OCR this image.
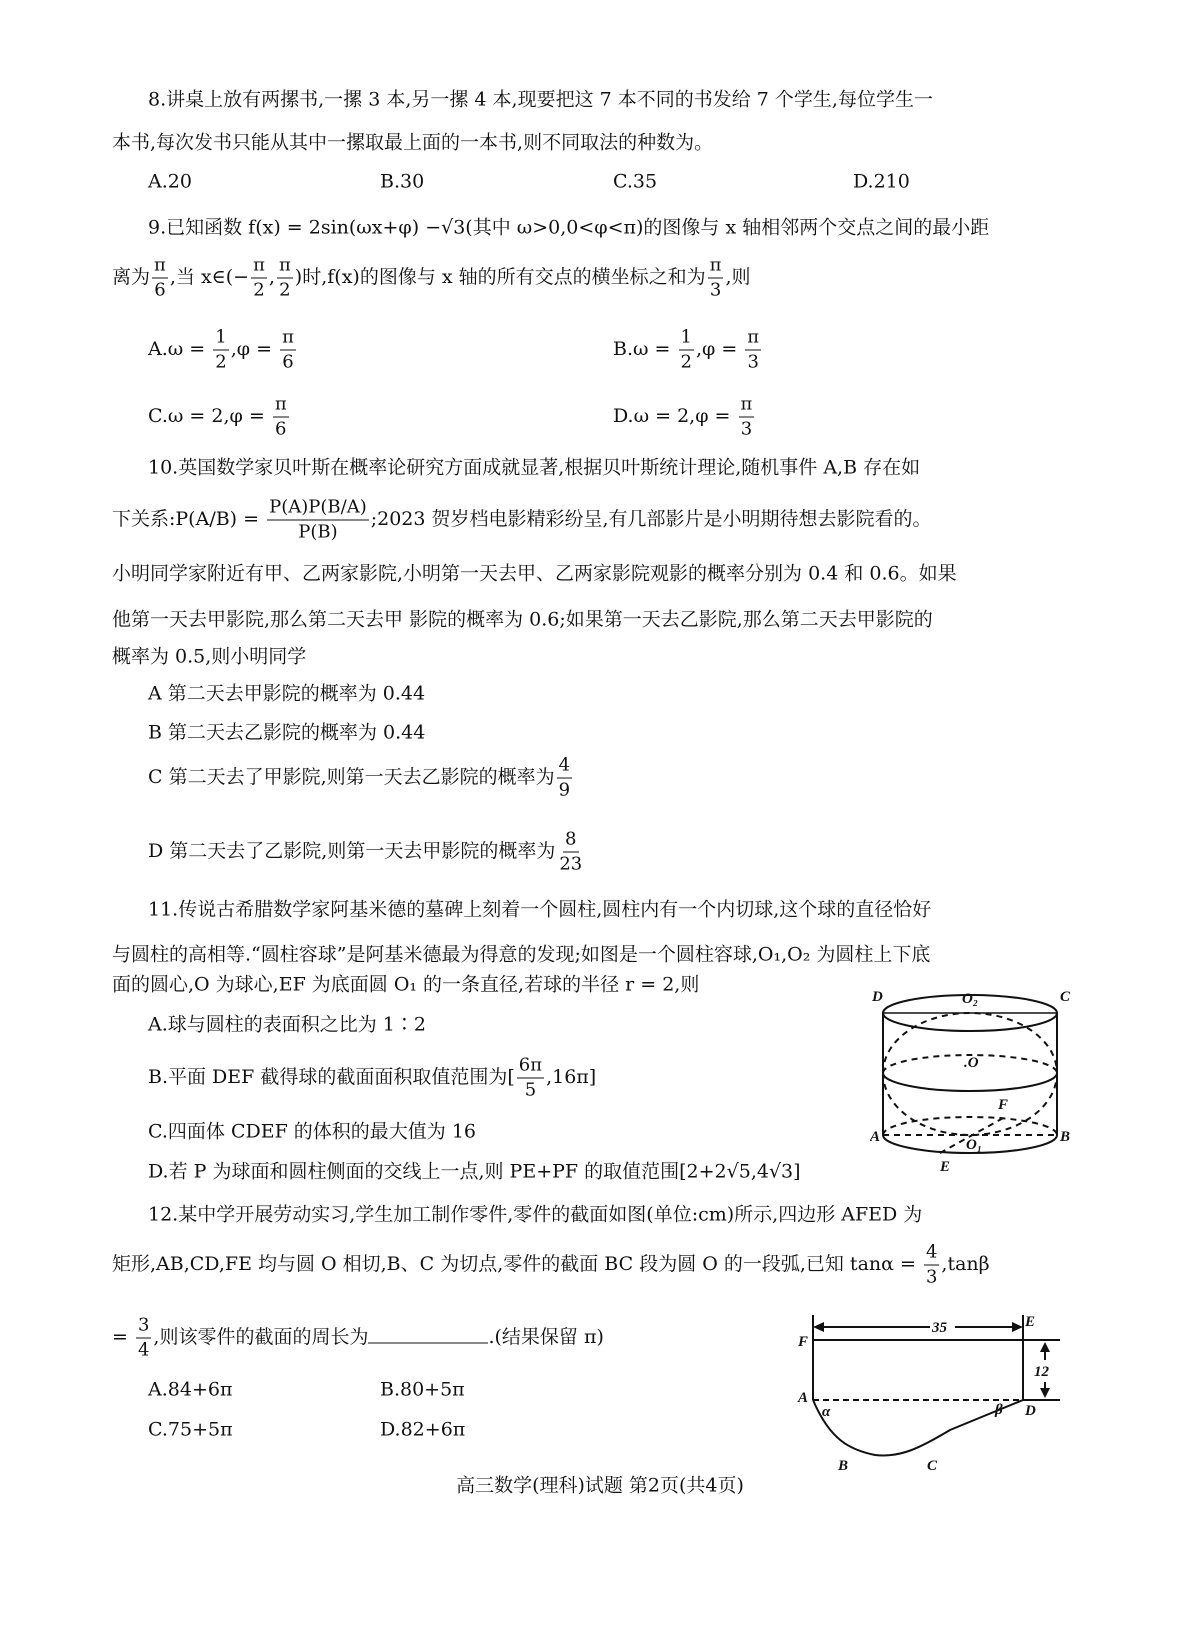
8.讲桌上放有两摞书,一摞 3 本,另一摞 4 本,现要把这 7 本不同的书发给 7 个学生,每位学生一
本书,每次发书只能从其中一摞取最上面的一本书,则不同取法的种数为。
A.20	B.30	C.35	D.210
9.已知函数 f(x) = 2sin(ωx+φ) −√3(其中 ω>0,0<φ<π)的图像与 x 轴相邻两个交点之间的最小距
离为 $\frac{\pi}{6}$ ,当 x∈(− $\frac{\pi}{2}$ , $\frac{\pi}{2}$ )时,f(x)的图像与 x 轴的所有交点的横坐标之和为 $\frac{\pi}{3}$ ,则
$A.\omega = \frac{1}{2} ,\varphi = \frac{\pi}{6}$	$B.\omega = \frac{1}{2} ,\varphi = \frac{\pi}{3}$
$C.\omega = 2,\varphi = \frac{\pi}{6}$	$D.\omega = 2,\varphi = \frac{\pi}{3}$
10.英国数学家贝叶斯在概率论研究方面成就显著,根据贝叶斯统计理论,随机事件 A,B 存在如
下关系:P(A/B) = $\frac{P(A)P(B/A)}{P(B)}$ ;2023 贺岁档电影精彩纷呈,有几部影片是小明期待想去影院看的。
小明同学家附近有甲、乙两家影院,小明第一天去甲、乙两家影院观影的概率分别为 0.4 和 0.6。如果
他第一天去甲影院,那么第二天去甲 影院的概率为 0.6;如果第一天去乙影院,那么第二天去甲影院的
概率为 0.5,则小明同学
A 第二天去甲影院的概率为 0.44
B 第二天去乙影院的概率为 0.44
C 第二天去了甲影院,则第一天去乙影院的概率为 $\frac{4}{9}$
D 第二天去了乙影院,则第一天去甲影院的概率为 $\frac{8}{23}$
11.传说古希腊数学家阿基米德的墓碑上刻着一个圆柱,圆柱内有一个内切球,这个球的直径恰好
与圆柱的高相等.“圆柱容球”是阿基米德最为得意的发现;如图是一个圆柱容球,O₁,O₂ 为圆柱上下底
面的圆心,O 为球心,EF 为底面圆 O₁ 的一条直径,若球的半径 r = 2,则
A.球与圆柱的表面积之比为 1∶2
B.平面 DEF 截得球的截面面积取值范围为[ $\frac{6\pi}{5} ,16\pi$]
C.四面体 CDEF 的体积的最大值为 16
D.若 P 为球面和圆柱侧面的交线上一点,则 PE+PF 的取值范围[2+2√5,4√3]
12.某中学开展劳动实习,学生加工制作零件,零件的截面如图(单位:cm)所示,四边形 AFED 为
矩形,AB,CD,FE 均与圆 O 相切,B、C 为切点,零件的截面 BC 段为圆 O 的一段弧,已知 $\tan\alpha = \frac{4}{3} ,\tan\beta$
= $\frac{3}{4}$ ,则该零件的截面的周长为	.(结果保留 π)
A.84+6π	B.80+5π
C.75+5π	D.82+6π
高三数学(理科)试题 第2页(共4页)
D	O₂	C
.O
F
A	O₁	B
E
35
12
F
E
A
D
α	β
B	C
